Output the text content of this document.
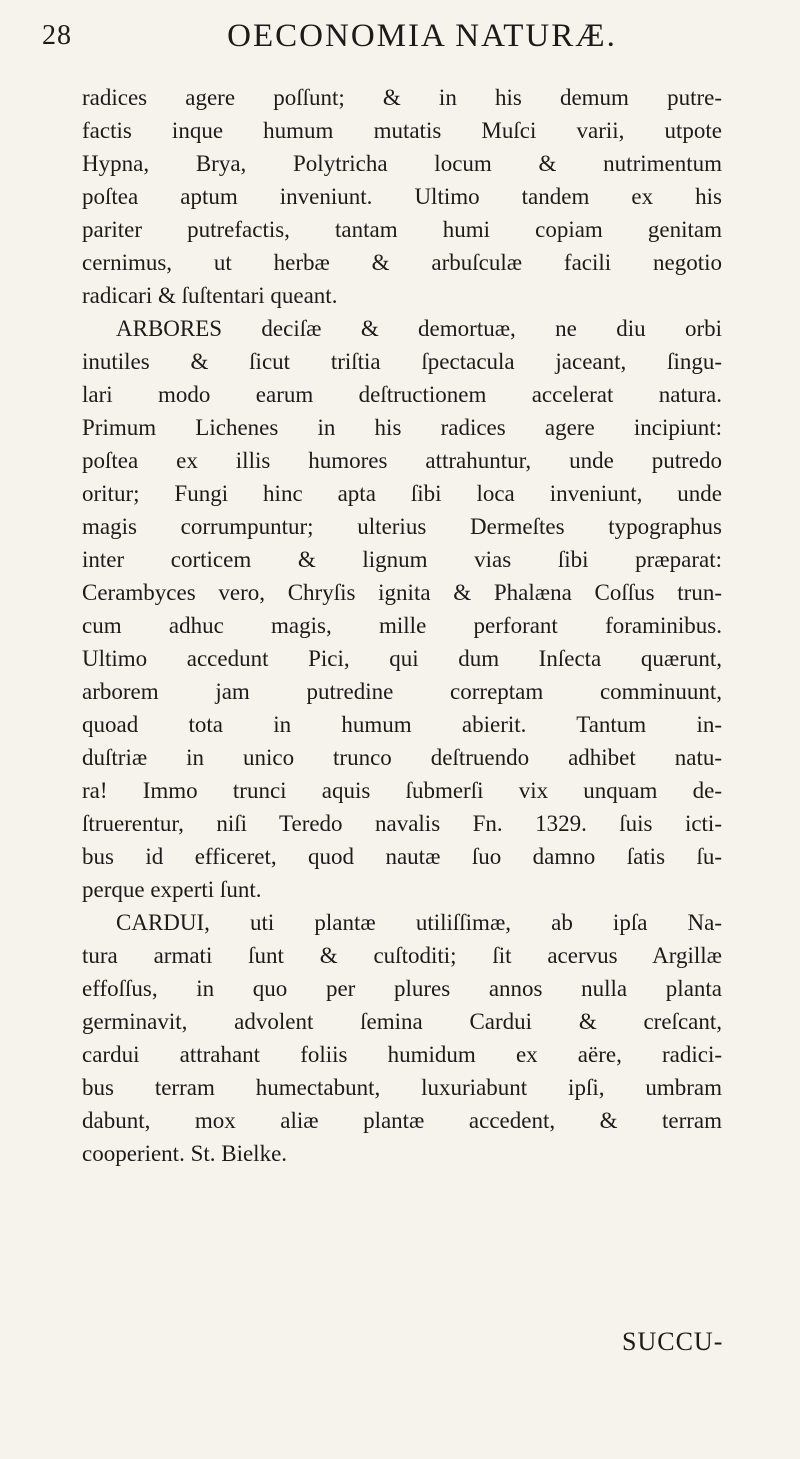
28	OECONOMIA NATURÆ.
radices agere poſſunt; & in his demum putre-
factis inque humum mutatis Muſci varii, utpote
Hypna, Brya, Polytricha locum & nutrimentum
poſtea aptum inveniunt. Ultimo tandem ex his
pariter putrefactis, tantam humi copiam genitam
cernimus, ut herbæ & arbuſculæ facili negotio
radicari & ſuſtentari queant.
ARBORES deciſæ & demortuæ, ne diu orbi
inutiles & ſicut triſtia ſpectacula jaceant, ſingu-
lari modo earum deſtructionem accelerat natura.
Primum Lichenes in his radices agere incipiunt:
poſtea ex illis humores attrahuntur, unde putredo
oritur; Fungi hinc apta ſibi loca inveniunt, unde
magis corrumpuntur; ulterius Dermeſtes typographus
inter corticem & lignum vias ſibi præparat:
Cerambyces vero, Chryſis ignita & Phalæna Coſſus trun-
cum adhuc magis, mille perforant foraminibus.
Ultimo accedunt Pici, qui dum Inſecta quærunt,
arborem jam putredine correptam comminuunt,
quoad tota in humum abierit. Tantum in-
duſtriæ in unico trunco deſtruendo adhibet natu-
ra! Immo trunci aquis ſubmerſi vix unquam de-
ſtruerentur, niſi Teredo navalis Fn. 1329. ſuis icti-
bus id efficeret, quod nautæ ſuo damno ſatis ſu-
perque experti ſunt.
CARDUI, uti plantæ utiliſſimæ, ab ipſa Na-
tura armati ſunt & cuſtoditi; ſit acervus Argillæ
effoſſus, in quo per plures annos nulla planta
germinavit, advolent ſemina Cardui & creſcant,
cardui attrahant foliis humidum ex aëre, radici-
bus terram humectabunt, luxuriabunt ipſi, umbram
dabunt, mox aliæ plantæ accedent, & terram
cooperient. St. Bielke.
SUCCU-
